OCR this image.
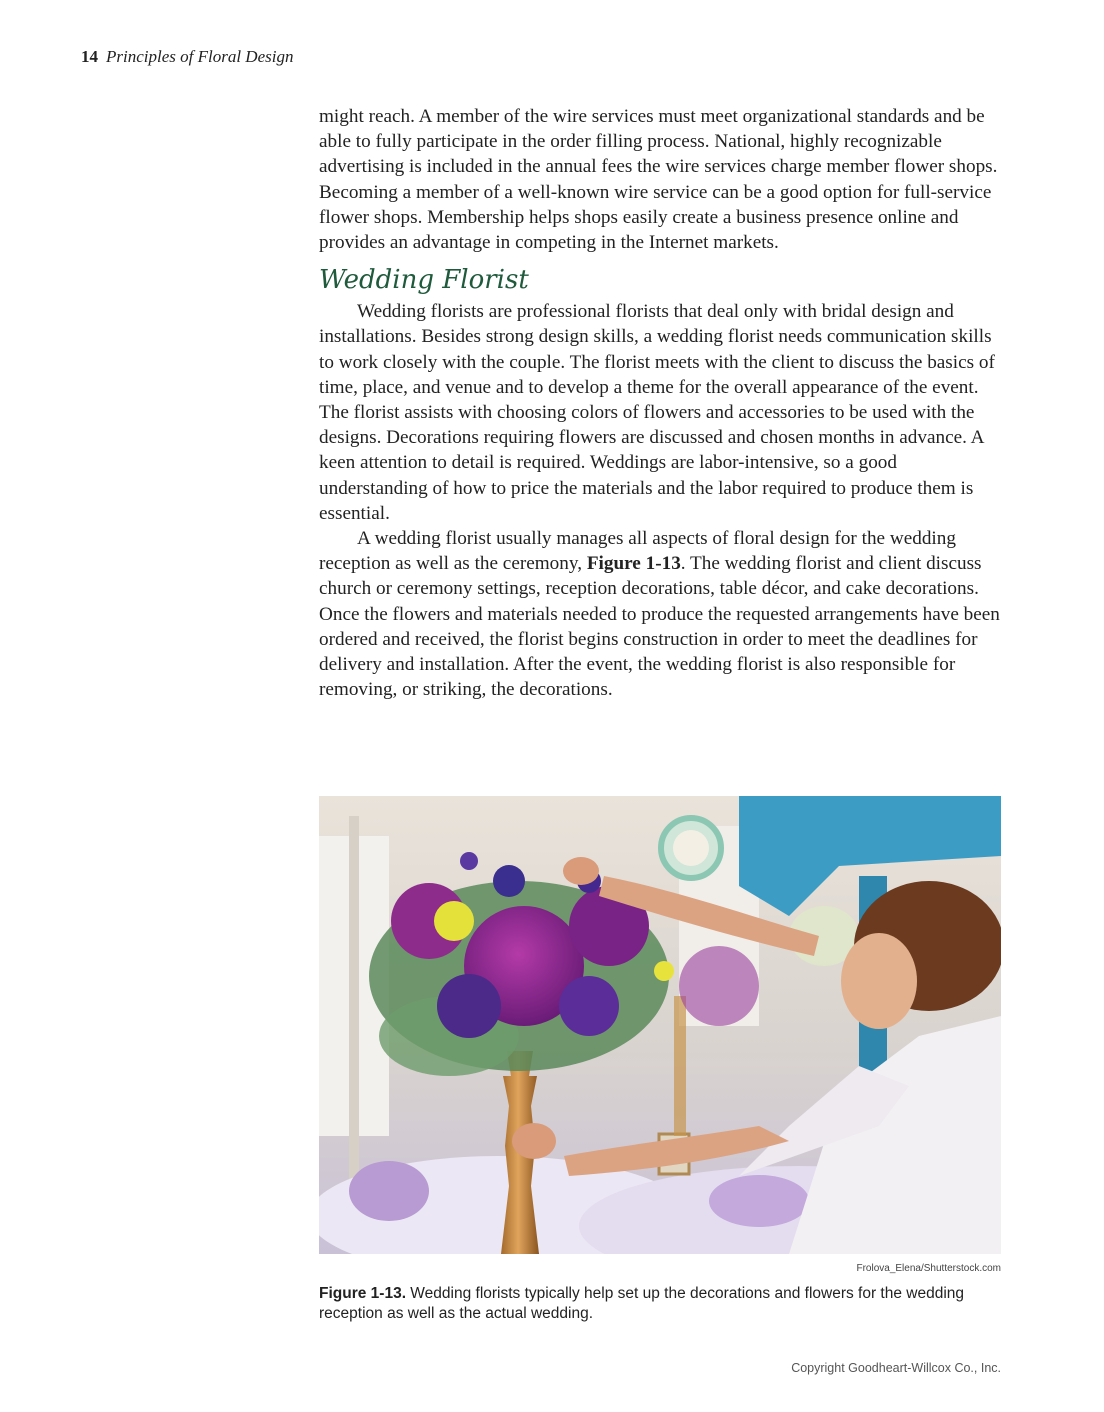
14 Principles of Floral Design

might reach. A member of the wire services must meet organizational standards and be able to fully participate in the order filling process. National, highly recognizable advertising is included in the annual fees the wire services charge member flower shops. Becoming a member of a well-known wire service can be a good option for full-service flower shops. Membership helps shops easily create a business presence online and provides an advantage in competing in the Internet markets.

Wedding Florist

Wedding florists are professional florists that deal only with bridal design and installations. Besides strong design skills, a wedding florist needs communication skills to work closely with the couple. The florist meets with the client to discuss the basics of time, place, and venue and to develop a theme for the overall appearance of the event. The florist assists with choosing colors of flowers and accessories to be used with the designs. Decorations requiring flowers are discussed and chosen months in advance. A keen attention to detail is required. Weddings are labor-intensive, so a good understanding of how to price the materials and the labor required to produce them is essential.

A wedding florist usually manages all aspects of floral design for the wedding reception as well as the ceremony, Figure 1-13. The wedding florist and client discuss church or ceremony settings, reception decorations, table décor, and cake decorations. Once the flowers and materials needed to produce the requested arrangements have been ordered and received, the florist begins construction in order to meet the deadlines for delivery and installation. After the event, the wedding florist is also responsible for removing, or striking, the decorations.

Frolova_Elena/Shutterstock.com
Figure 1-13. Wedding florists typically help set up the decorations and flowers for the wedding reception as well as the actual wedding.
Copyright Goodheart-Willcox Co., Inc.
